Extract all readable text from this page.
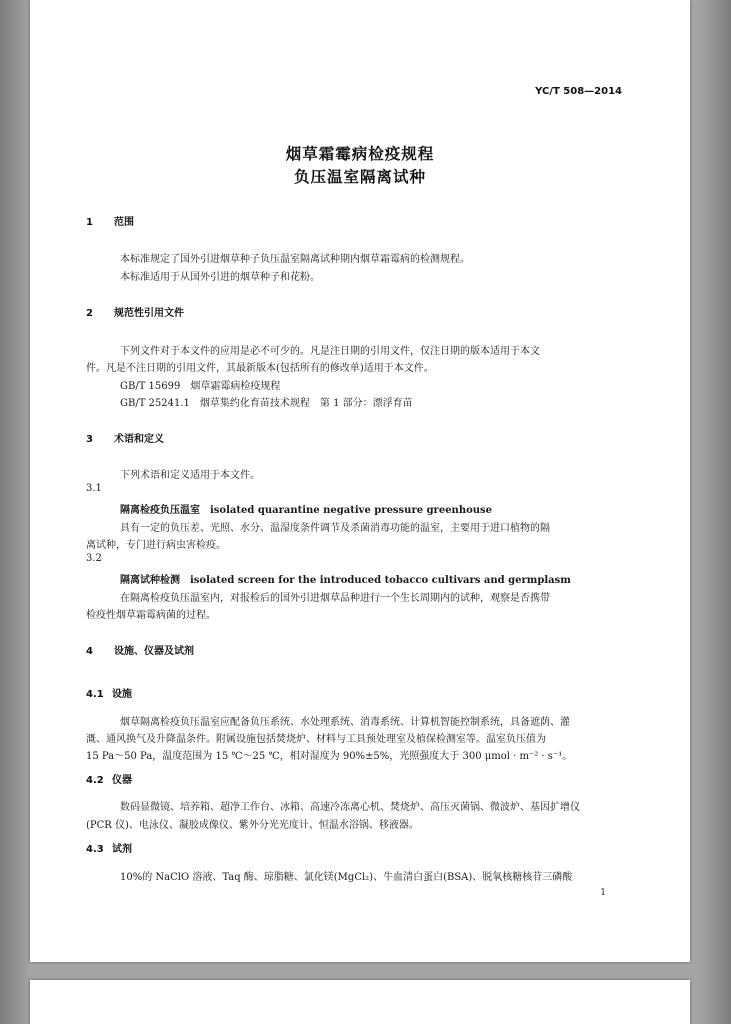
YC/T 508—2014
烟草霜霉病检疫规程
负压温室隔离试种
1 范围
本标准规定了国外引进烟草种子负压温室隔离试种期内烟草霜霉病的检测规程。
本标准适用于从国外引进的烟草种子和花粉。
2 规范性引用文件
下列文件对于本文件的应用是必不可少的。凡是注日期的引用文件，仅注日期的版本适用于本文
件。凡是不注日期的引用文件，其最新版本(包括所有的修改单)适用于本文件。
GB/T 15699　烟草霜霉病检疫规程
GB/T 25241.1　烟草集约化育苗技术规程　第 1 部分：漂浮育苗
3 术语和定义
下列术语和定义适用于本文件。
3.1
隔离检疫负压温室 isolated quarantine negative pressure greenhouse
具有一定的负压差、光照、水分、温湿度条件调节及杀菌消毒功能的温室，主要用于进口植物的隔
离试种，专门进行病虫害检疫。
3.2
隔离试种检测 isolated screen for the introduced tobacco cultivars and germplasm
在隔离检疫负压温室内，对报检后的国外引进烟草品种进行一个生长周期内的试种，观察是否携带
检疫性烟草霜霉病菌的过程。
4 设施、仪器及试剂
4.1 设施
烟草隔离检疫负压温室应配备负压系统、水处理系统、消毒系统、计算机智能控制系统，具备遮荫、灌
溉、通风换气及升降温条件。附属设施包括焚烧炉、材料与工具预处理室及植保检测室等。温室负压值为
15 Pa～50 Pa，温度范围为 15 ℃～25 ℃，相对湿度为 90%±5%，光照强度大于 300 μmol · m⁻² · s⁻¹。
4.2 仪器
数码显微镜、培养箱、超净工作台、冰箱、高速冷冻离心机、焚烧炉、高压灭菌锅、微波炉、基因扩增仪
(PCR 仪)、电泳仪、凝胶成像仪、紫外分光光度计、恒温水浴锅、移液器。
4.3 试剂
10%的 NaClO 溶液、Taq 酶、琼脂糖、氯化镁(MgCl₂)、牛血清白蛋白(BSA)、脱氧核糖核苷三磷酸
1
